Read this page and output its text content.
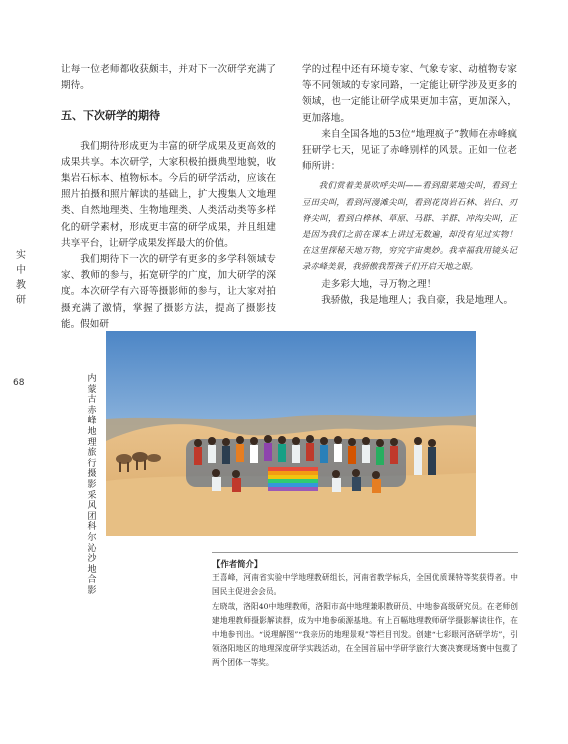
实
中
教
研
68

让每一位老师都收获颇丰，并对下一次研学充满了期待。

五、下次研学的期待

我们期待形成更为丰富的研学成果及更高效的成果共享。本次研学，大家积极拍摄典型地貌，收集岩石标本、植物标本。今后的研学活动，应该在照片拍摄和照片解读的基础上，扩大搜集人文地理类、自然地理类、生物地理类、人类活动类等多样化的研学素材，形成更丰富的研学成果，并且组建共享平台，让研学成果发挥最大的价值。

我们期待下一次的研学有更多的多学科领域专家、教师的参与，拓宽研学的广度，加大研学的深度。本次研学有六哥等摄影师的参与，让大家对拍摄充满了激情，掌握了摄影方法，提高了摄影技能。假如研

学的过程中还有环境专家、气象专家、动植物专家等不同领域的专家同路，一定能让研学涉及更多的领域，也一定能让研学成果更加丰富，更加深入，更加落地。

来自全国各地的53位“地理疯子”教师在赤峰疯狂研学七天，见证了赤峰别样的风景。正如一位老师所讲：

我们赏着美景吹呼尖叫——看到甜菜地尖叫，看到土豆田尖叫，看到河漫滩尖叫，看到花岗岩石林、岩臼、刃脊尖叫，看到白桦林、草原、马群、羊群、冲沟尖叫，正是因为我们之前在课本上讲过无数遍，却没有见过实物！在这里探秘天地万物，穷究宇宙奥妙。我幸福我用镜头记录赤峰美景，我骄傲我帮孩子们开启天地之眼。

走多彩大地，寻万物之理！

我骄傲，我是地理人；我自豪，我是地理人。

内
蒙
古
赤
峰
地
理
旅
行
摄
影
采
风
团
科
尔
沁
沙
地
合
影

【作者简介】

王喜峰，河南省实验中学地理教研组长，河南省教学标兵，全国优质课特等奖获得者。中国民主促进会会员。

左晓哉，洛阳40中地理教师，洛阳市高中地理兼职教研员、中地参高级研究员。在老师创建地理教师摄影解读群，成为中地参硕源基地。有上百幅地理教师研学摄影解读往作，在中地参刊出。“说理解图”“我亲历的地理景观”等栏目刊发。创建“七彩眼河洛研学坊”，引领洛阳地区的地理深度研学实践活动，在全国首届中学研学旅行大赛决赛现场赛中包揽了两个团体一等奖。
